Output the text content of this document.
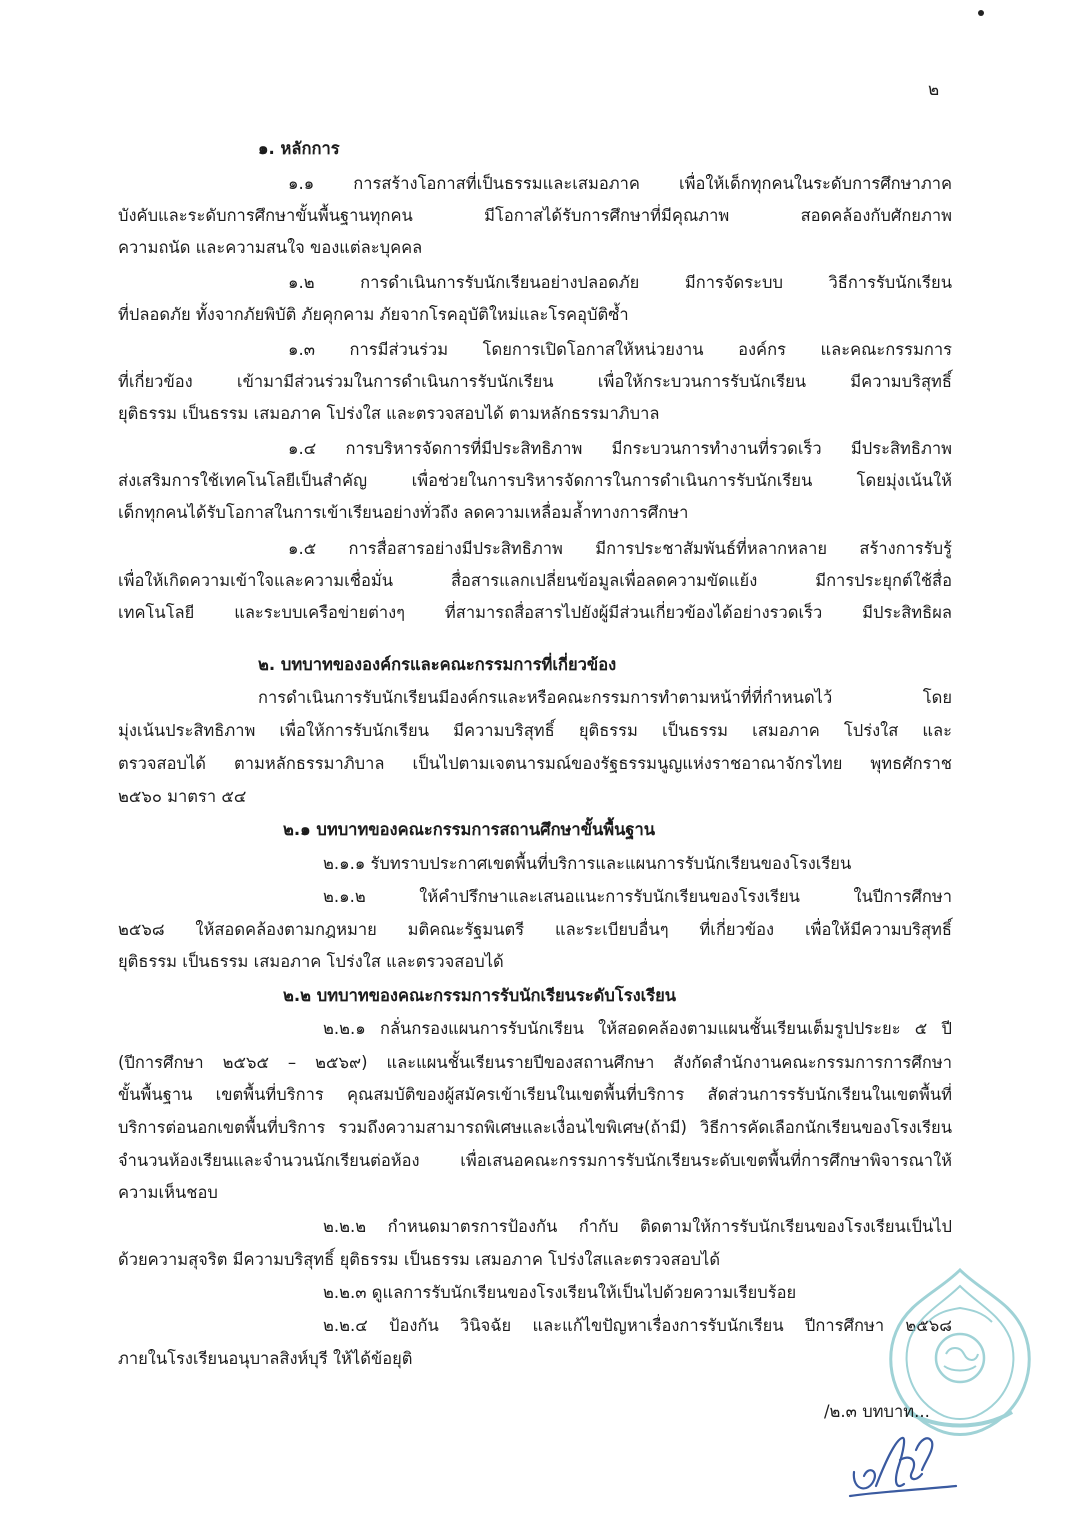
๒
๑. หลักการ
๑.๑ การสร้างโอกาสที่เป็นธรรมและเสมอภาค เพื่อให้เด็กทุกคนในระดับการศึกษาภาค
บังคับและระดับการศึกษาขั้นพื้นฐานทุกคน มีโอกาสได้รับการศึกษาที่มีคุณภาพ สอดคล้องกับศักยภาพ
ความถนัด และความสนใจ ของแต่ละบุคคล
๑.๒ การดำเนินการรับนักเรียนอย่างปลอดภัย มีการจัดระบบ วิธีการรับนักเรียน
ที่ปลอดภัย ทั้งจากภัยพิบัติ ภัยคุกคาม ภัยจากโรคอุบัติใหม่และโรคอุบัติซ้ำ
๑.๓ การมีส่วนร่วม โดยการเปิดโอกาสให้หน่วยงาน องค์กร และคณะกรรมการ
ที่เกี่ยวข้อง เข้ามามีส่วนร่วมในการดำเนินการรับนักเรียน เพื่อให้กระบวนการรับนักเรียน มีความบริสุทธิ์
ยุติธรรม เป็นธรรม เสมอภาค โปร่งใส และตรวจสอบได้ ตามหลักธรรมาภิบาล
๑.๔ การบริหารจัดการที่มีประสิทธิภาพ มีกระบวนการทำงานที่รวดเร็ว มีประสิทธิภาพ
ส่งเสริมการใช้เทคโนโลยีเป็นสำคัญ เพื่อช่วยในการบริหารจัดการในการดำเนินการรับนักเรียน โดยมุ่งเน้นให้
เด็กทุกคนได้รับโอกาสในการเข้าเรียนอย่างทั่วถึง ลดความเหลื่อมล้ำทางการศึกษา
๑.๕ การสื่อสารอย่างมีประสิทธิภาพ มีการประชาสัมพันธ์ที่หลากหลาย สร้างการรับรู้
เพื่อให้เกิดความเข้าใจและความเชื่อมั่น สื่อสารแลกเปลี่ยนข้อมูลเพื่อลดความขัดแย้ง มีการประยุกต์ใช้สื่อ
เทคโนโลยี และระบบเครือข่ายต่างๆ ที่สามารถสื่อสารไปยังผู้มีส่วนเกี่ยวข้องได้อย่างรวดเร็ว มีประสิทธิผล
๒. บทบาทขององค์กรและคณะกรรมการที่เกี่ยวข้อง
การดำเนินการรับนักเรียนมีองค์กรและหรือคณะกรรมการทำตามหน้าที่ที่กำหนดไว้ โดย
มุ่งเน้นประสิทธิภาพ เพื่อให้การรับนักเรียน มีความบริสุทธิ์ ยุติธรรม เป็นธรรม เสมอภาค โปร่งใส และ
ตรวจสอบได้ ตามหลักธรรมาภิบาล เป็นไปตามเจตนารมณ์ของรัฐธรรมนูญแห่งราชอาณาจักรไทย พุทธศักราช
๒๕๖๐ มาตรา ๕๔
๒.๑ บทบาทของคณะกรรมการสถานศึกษาขั้นพื้นฐาน
๒.๑.๑ รับทราบประกาศเขตพื้นที่บริการและแผนการรับนักเรียนของโรงเรียน
๒.๑.๒ ให้คำปรึกษาและเสนอแนะการรับนักเรียนของโรงเรียน ในปีการศึกษา
๒๕๖๘ ให้สอดคล้องตามกฎหมาย มติคณะรัฐมนตรี และระเบียบอื่นๆ ที่เกี่ยวข้อง เพื่อให้มีความบริสุทธิ์
ยุติธรรม เป็นธรรม เสมอภาค โปร่งใส และตรวจสอบได้
๒.๒ บทบาทของคณะกรรมการรับนักเรียนระดับโรงเรียน
๒.๒.๑ กลั่นกรองแผนการรับนักเรียน ให้สอดคล้องตามแผนชั้นเรียนเต็มรูปประยะ ๕ ปี
(ปีการศึกษา ๒๕๖๕ – ๒๕๖๙) และแผนชั้นเรียนรายปีของสถานศึกษา สังกัดสำนักงานคณะกรรมการการศึกษา
ขั้นพื้นฐาน เขตพื้นที่บริการ คุณสมบัติของผู้สมัครเข้าเรียนในเขตพื้นที่บริการ สัดส่วนการรรับนักเรียนในเขตพื้นที่
บริการต่อนอกเขตพื้นที่บริการ รวมถึงความสามารถพิเศษและเงื่อนไขพิเศษ(ถ้ามี) วิธีการคัดเลือกนักเรียนของโรงเรียน
จำนวนห้องเรียนและจำนวนนักเรียนต่อห้อง เพื่อเสนอคณะกรรมการรับนักเรียนระดับเขตพื้นที่การศึกษาพิจารณาให้
ความเห็นชอบ
๒.๒.๒ กำหนดมาตรการป้องกัน กำกับ ติดตามให้การรับนักเรียนของโรงเรียนเป็นไป
ด้วยความสุจริต มีความบริสุทธิ์ ยุติธรรม เป็นธรรม เสมอภาค โปร่งใสและตรวจสอบได้
๒.๒.๓ ดูแลการรับนักเรียนของโรงเรียนให้เป็นไปด้วยความเรียบร้อย
๒.๒.๔ ป้องกัน วินิจฉัย และแก้ไขปัญหาเรื่องการรับนักเรียน ปีการศึกษา ๒๕๖๘
ภายในโรงเรียนอนุบาลสิงห์บุรี ให้ได้ข้อยุติ
/๒.๓ บทบาท...
